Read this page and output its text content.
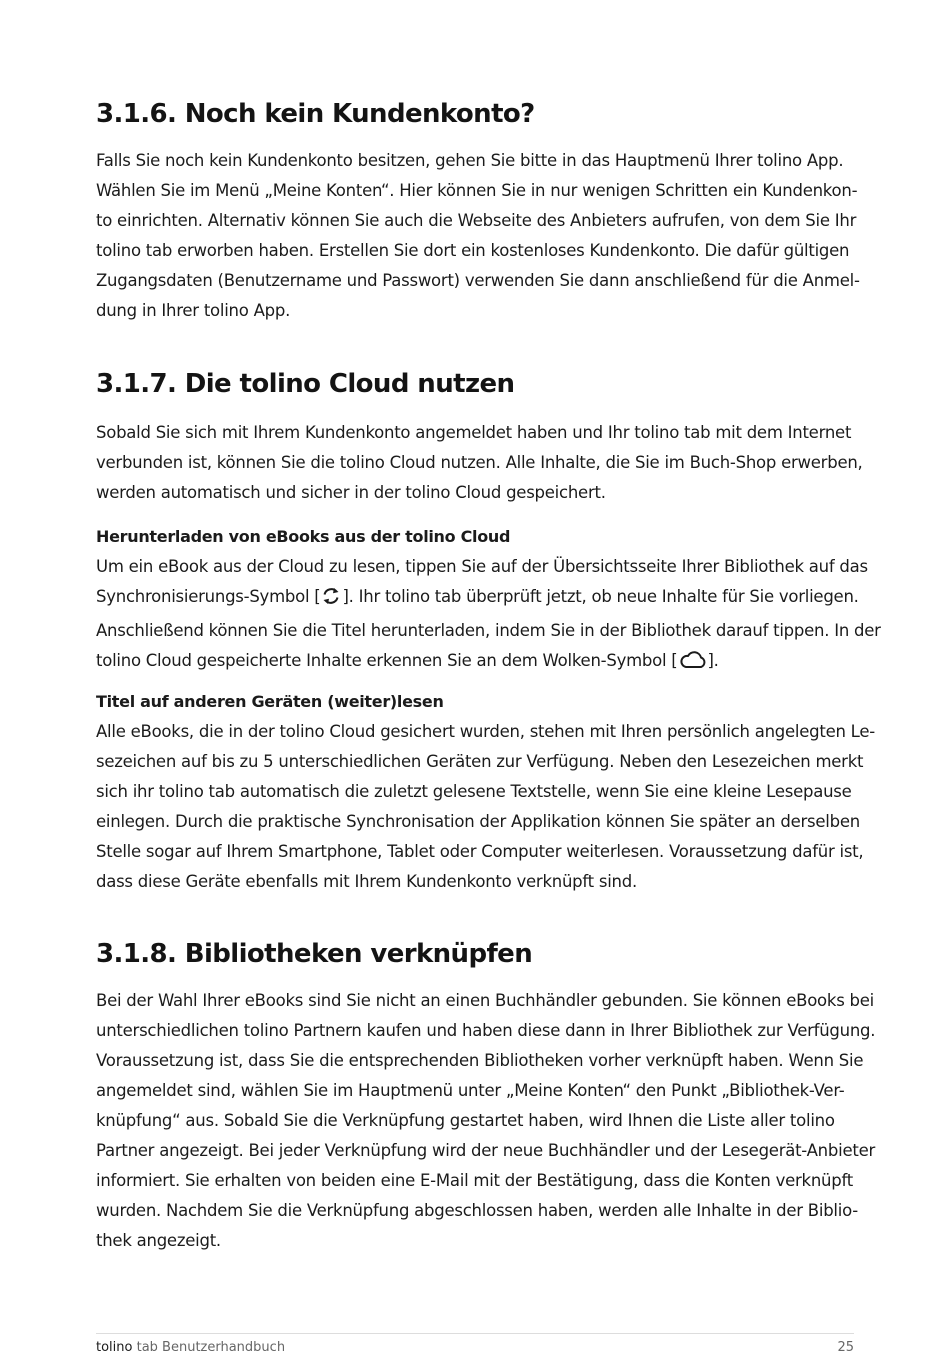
3.1.6. Noch kein Kundenkonto?

Falls Sie noch kein Kundenkonto besitzen, gehen Sie bitte in das Hauptmenü Ihrer tolino App.
Wählen Sie im Menü „Meine Konten“. Hier können Sie in nur wenigen Schritten ein Kundenkon-
to einrichten. Alternativ können Sie auch die Webseite des Anbieters aufrufen, von dem Sie Ihr
tolino tab erworben haben. Erstellen Sie dort ein kostenloses Kundenkonto. Die dafür gültigen
Zugangsdaten (Benutzername und Passwort) verwenden Sie dann anschließend für die Anmel-
dung in Ihrer tolino App.

3.1.7. Die tolino Cloud nutzen

Sobald Sie sich mit Ihrem Kundenkonto angemeldet haben und Ihr tolino tab mit dem Internet
verbunden ist, können Sie die tolino Cloud nutzen. Alle Inhalte, die Sie im Buch-Shop erwerben,
werden automatisch und sicher in der tolino Cloud gespeichert.

Herunterladen von eBooks aus der tolino Cloud

Um ein eBook aus der Cloud zu lesen, tippen Sie auf der Übersichtsseite Ihrer Bibliothek auf das
Synchronisierungs-Symbol [ ]. Ihr tolino tab überprüft jetzt, ob neue Inhalte für Sie vorliegen.
Anschließend können Sie die Titel herunterladen, indem Sie in der Bibliothek darauf tippen. In der
tolino Cloud gespeicherte Inhalte erkennen Sie an dem Wolken-Symbol [ ].

Titel auf anderen Geräten (weiter)lesen

Alle eBooks, die in der tolino Cloud gesichert wurden, stehen mit Ihren persönlich angelegten Le-
sezeichen auf bis zu 5 unterschiedlichen Geräten zur Verfügung. Neben den Lesezeichen merkt
sich ihr tolino tab automatisch die zuletzt gelesene Textstelle, wenn Sie eine kleine Lesepause
einlegen. Durch die praktische Synchronisation der Applikation können Sie später an derselben
Stelle sogar auf Ihrem Smartphone, Tablet oder Computer weiterlesen. Voraussetzung dafür ist,
dass diese Geräte ebenfalls mit Ihrem Kundenkonto verknüpft sind.

3.1.8. Bibliotheken verknüpfen

Bei der Wahl Ihrer eBooks sind Sie nicht an einen Buchhändler gebunden. Sie können eBooks bei
unterschiedlichen tolino Partnern kaufen und haben diese dann in Ihrer Bibliothek zur Verfügung.
Voraussetzung ist, dass Sie die entsprechenden Bibliotheken vorher verknüpft haben. Wenn Sie
angemeldet sind, wählen Sie im Hauptmenü unter „Meine Konten“ den Punkt „Bibliothek-Ver-
knüpfung“ aus. Sobald Sie die Verknüpfung gestartet haben, wird Ihnen die Liste aller tolino
Partner angezeigt. Bei jeder Verknüpfung wird der neue Buchhändler und der Lesegerät-Anbieter
informiert. Sie erhalten von beiden eine E-Mail mit der Bestätigung, dass die Konten verknüpft
wurden. Nachdem Sie die Verknüpfung abgeschlossen haben, werden alle Inhalte in der Biblio-
thek angezeigt.

tolino tab Benutzerhandbuch	25
